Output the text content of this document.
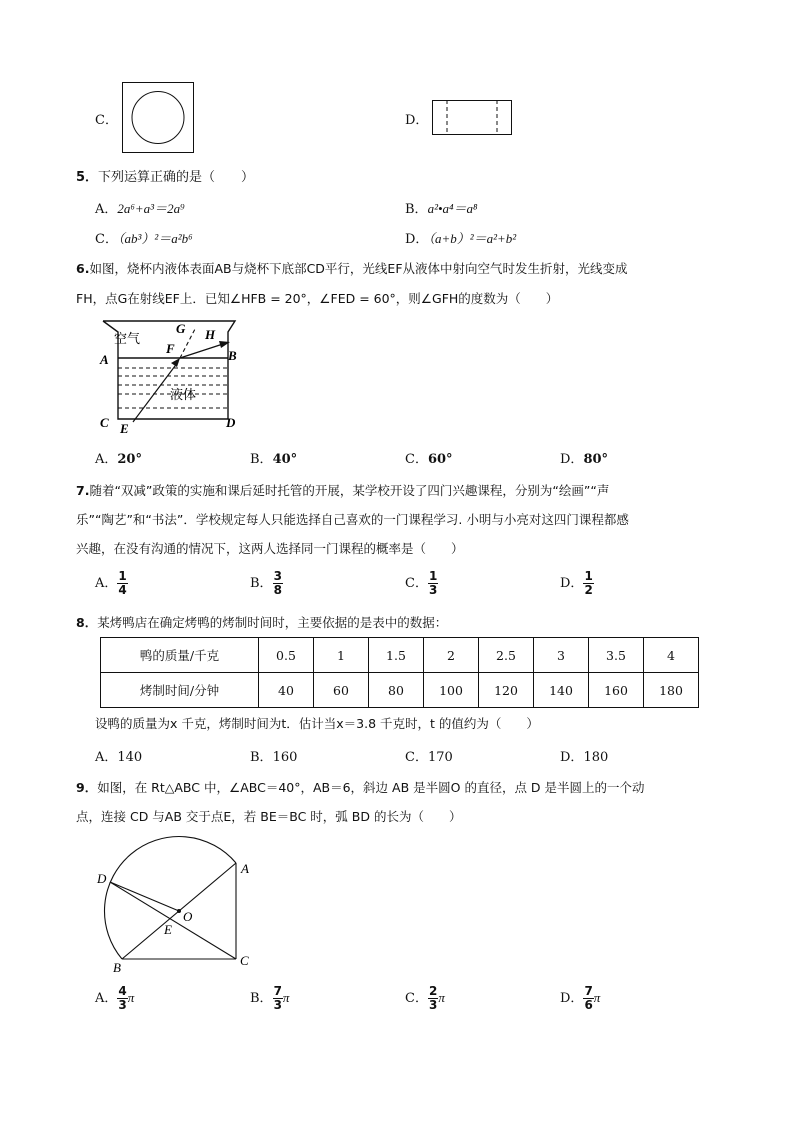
C．	D．
5．下列运算正确的是（　　）
A．2a⁶+a³＝2a⁹	B．a²•a⁴＝a⁸
C．（ab³）²＝a²b⁶	D．（a+b）²＝a²+b²
6.如图，烧杯内液体表面AB与烧杯下底部CD平行，光线EF从液体中射向空气时发生折射，光线变成
FH，点G在射线EF上．已知∠HFB = 20°，∠FED = 60°，则∠GFH的度数为（　　）
空气
液体
A	B
C	D
E
F
G H
A．20°	B．40°	C．60°	D．80°
7.随着“双减”政策的实施和课后延时托管的开展，某学校开设了四门兴趣课程，分别为“绘画”“声
乐”“陶艺”和“书法”．学校规定每人只能选择自己喜欢的一门课程学习. 小明与小亮对这四门课程都感
兴趣，在没有沟通的情况下，这两人选择同一门课程的概率是（　　）
A． $\frac{1}{4}$	B． $\frac{3}{8}$	C． $\frac{1}{3}$	D． $\frac{1}{2}$
8．某烤鸭店在确定烤鸭的烤制时间时，主要依据的是表中的数据：
鸭的质量/千克	0.5	1	1.5	2	2.5	3	3.5	4
烤制时间/分钟	40	60	80	100	120	140	160	180
设鸭的质量为x 千克，烤制时间为t．估计当x＝3.8 千克时，t 的值约为（　　）
A．140	B．160	C．170	D．180
9．如图，在 Rt△ABC 中，∠ABC＝40°，AB＝6，斜边 AB 是半圆O 的直径，点 D 是半圆上的一个动
点，连接 CD 与AB 交于点E，若 BE＝BC 时，弧 BD 的长为（　　）
A
B	C
D
E
O
A． $\frac{4}{3}$ π	B． $\frac{7}{3}$ π	C． $\frac{2}{3}$ π	D． $\frac{7}{6}$ π
